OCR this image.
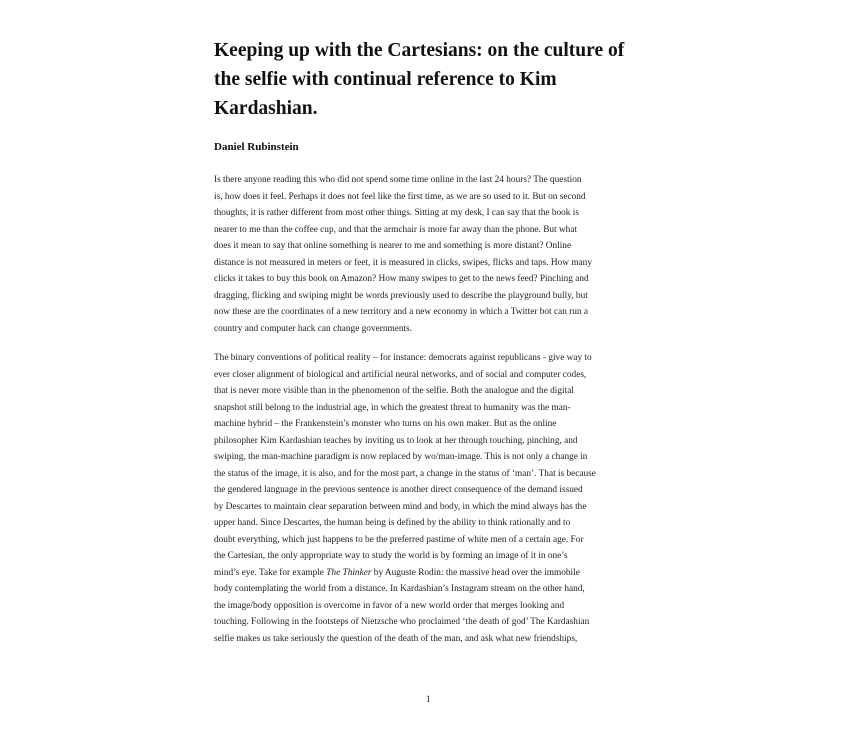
Keeping up with the Cartesians: on the culture of
the selfie with continual reference to Kim
Kardashian.

Daniel Rubinstein

Is there anyone reading this who did not spend some time online in the last 24 hours? The question
is, how does it feel. Perhaps it does not feel like the first time, as we are so used to it. But on second
thoughts, it is rather different from most other things. Sitting at my desk, I can say that the book is
nearer to me than the coffee cup, and that the armchair is more far away than the phone. But what
does it mean to say that online something is nearer to me and something is more distant? Online
distance is not measured in meters or feet, it is measured in clicks, swipes, flicks and taps. How many
clicks it takes to buy this book on Amazon? How many swipes to get to the news feed? Pinching and
dragging, flicking and swiping might be words previously used to describe the playground bully, but
now these are the coordinates of a new territory and a new economy in which a Twitter bot can run a
country and computer hack can change governments.

The binary conventions of political reality – for instance: democrats against republicans - give way to
ever closer alignment of biological and artificial neural networks, and of social and computer codes,
that is never more visible than in the phenomenon of the selfie. Both the analogue and the digital
snapshot still belong to the industrial age, in which the greatest threat to humanity was the man-
machine hybrid – the Frankenstein’s monster who turns on his own maker. But as the online
philosopher Kim Kardashian teaches by inviting us to look at her through touching, pinching, and
swiping, the man-machine paradigm is now replaced by wo/man-image. This is not only a change in
the status of the image, it is also, and for the most part, a change in the status of ‘man’. That is because
the gendered language in the previous sentence is another direct consequence of the demand issued
by Descartes to maintain clear separation between mind and body, in which the mind always has the
upper hand. Since Descartes, the human being is defined by the ability to think rationally and to
doubt everything, which just happens to be the preferred pastime of white men of a certain age. For
the Cartesian, the only appropriate way to study the world is by forming an image of it in one’s
mind’s eye. Take for example The Thinker by Auguste Rodin: the massive head over the immobile
body contemplating the world from a distance. In Kardashian’s Instagram stream on the other hand,
the image/body opposition is overcome in favor of a new world order that merges looking and
touching. Following in the footsteps of Nietzsche who proclaimed ‘the death of god’ The Kardashian
selfie makes us take seriously the question of the death of the man, and ask what new friendships,

1
